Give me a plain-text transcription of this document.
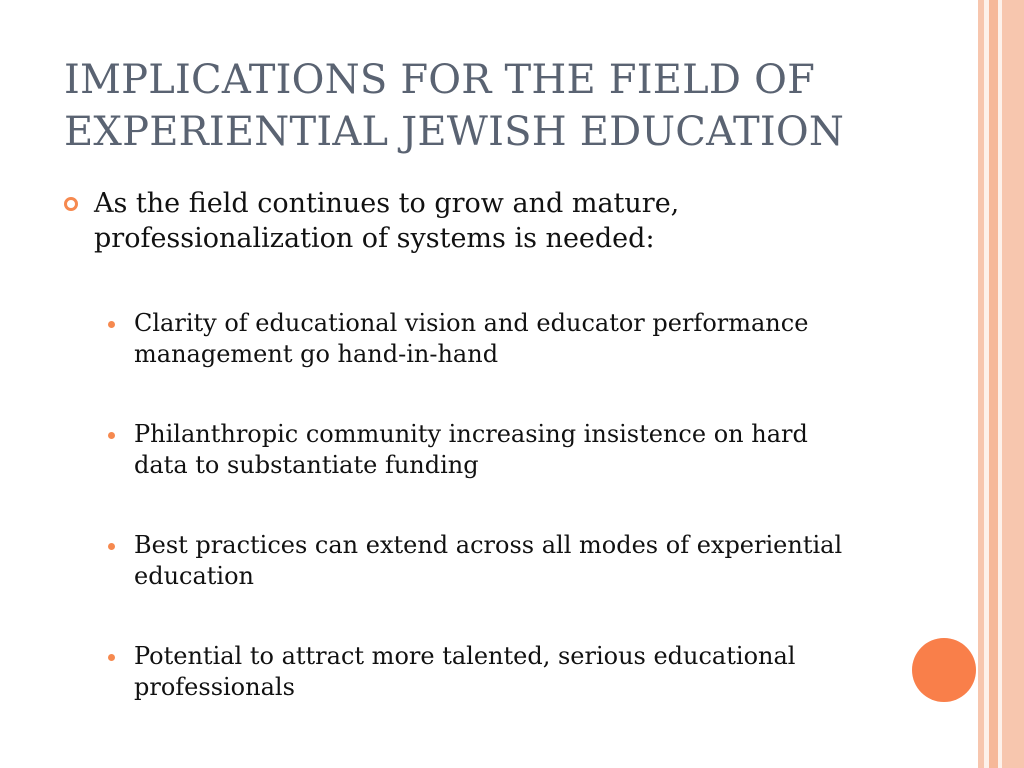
IMPLICATIONS FOR THE FIELD OF EXPERIENTIAL JEWISH EDUCATION
As the field continues to grow and mature, professionalization of systems is needed:
Clarity of educational vision and educator performance management go hand-in-hand
Philanthropic community increasing insistence on hard data to substantiate funding
Best practices can extend across all modes of experiential education
Potential to attract more talented, serious educational professionals
